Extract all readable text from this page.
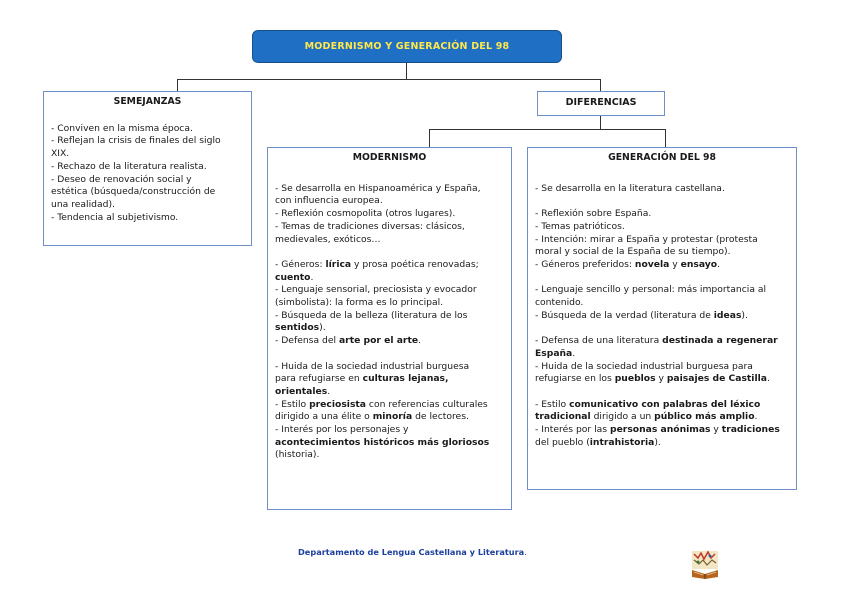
MODERNISMO Y GENERACIÓN DEL 98
SEMEJANZAS
- Conviven en la misma época.
- Reflejan la crisis de finales del siglo
XIX.
- Rechazo de la literatura realista.
- Deseo de renovación social y
estética (búsqueda/construcción de
una realidad).
- Tendencia al subjetivismo.
DIFERENCIAS
MODERNISMO
- Se desarrolla en Hispanoamérica y España,
con influencia europea.
- Reflexión cosmopolita (otros lugares).
- Temas de tradiciones diversas: clásicos,
medievales, exóticos…
- Géneros: lírica y prosa poética renovadas;
cuento.
- Lenguaje sensorial, preciosista y evocador
(simbolista): la forma es lo principal.
- Búsqueda de la belleza (literatura de los
sentidos).
- Defensa del arte por el arte.
- Huida de la sociedad industrial burguesa
para refugiarse en culturas lejanas,
orientales.
- Estilo preciosista con referencias culturales
dirigido a una élite o minoría de lectores.
- Interés por los personajes y
acontecimientos históricos más gloriosos
(historia).
GENERACIÓN DEL 98
- Se desarrolla en la literatura castellana.
- Reflexión sobre España.
- Temas patrióticos.
- Intención: mirar a España y protestar (protesta
moral y social de la España de su tiempo).
- Géneros preferidos: novela y ensayo.
- Lenguaje sencillo y personal: más importancia al
contenido.
- Búsqueda de la verdad (literatura de ideas).
- Defensa de una literatura destinada a regenerar
España.
- Huida de la sociedad industrial burguesa para
refugiarse en los pueblos y paisajes de Castilla.
- Estilo comunicativo con palabras del léxico
tradicional dirigido a un público más amplio.
- Interés por las personas anónimas y tradiciones
del pueblo (intrahistoria).
Departamento de Lengua Castellana y Literatura.
